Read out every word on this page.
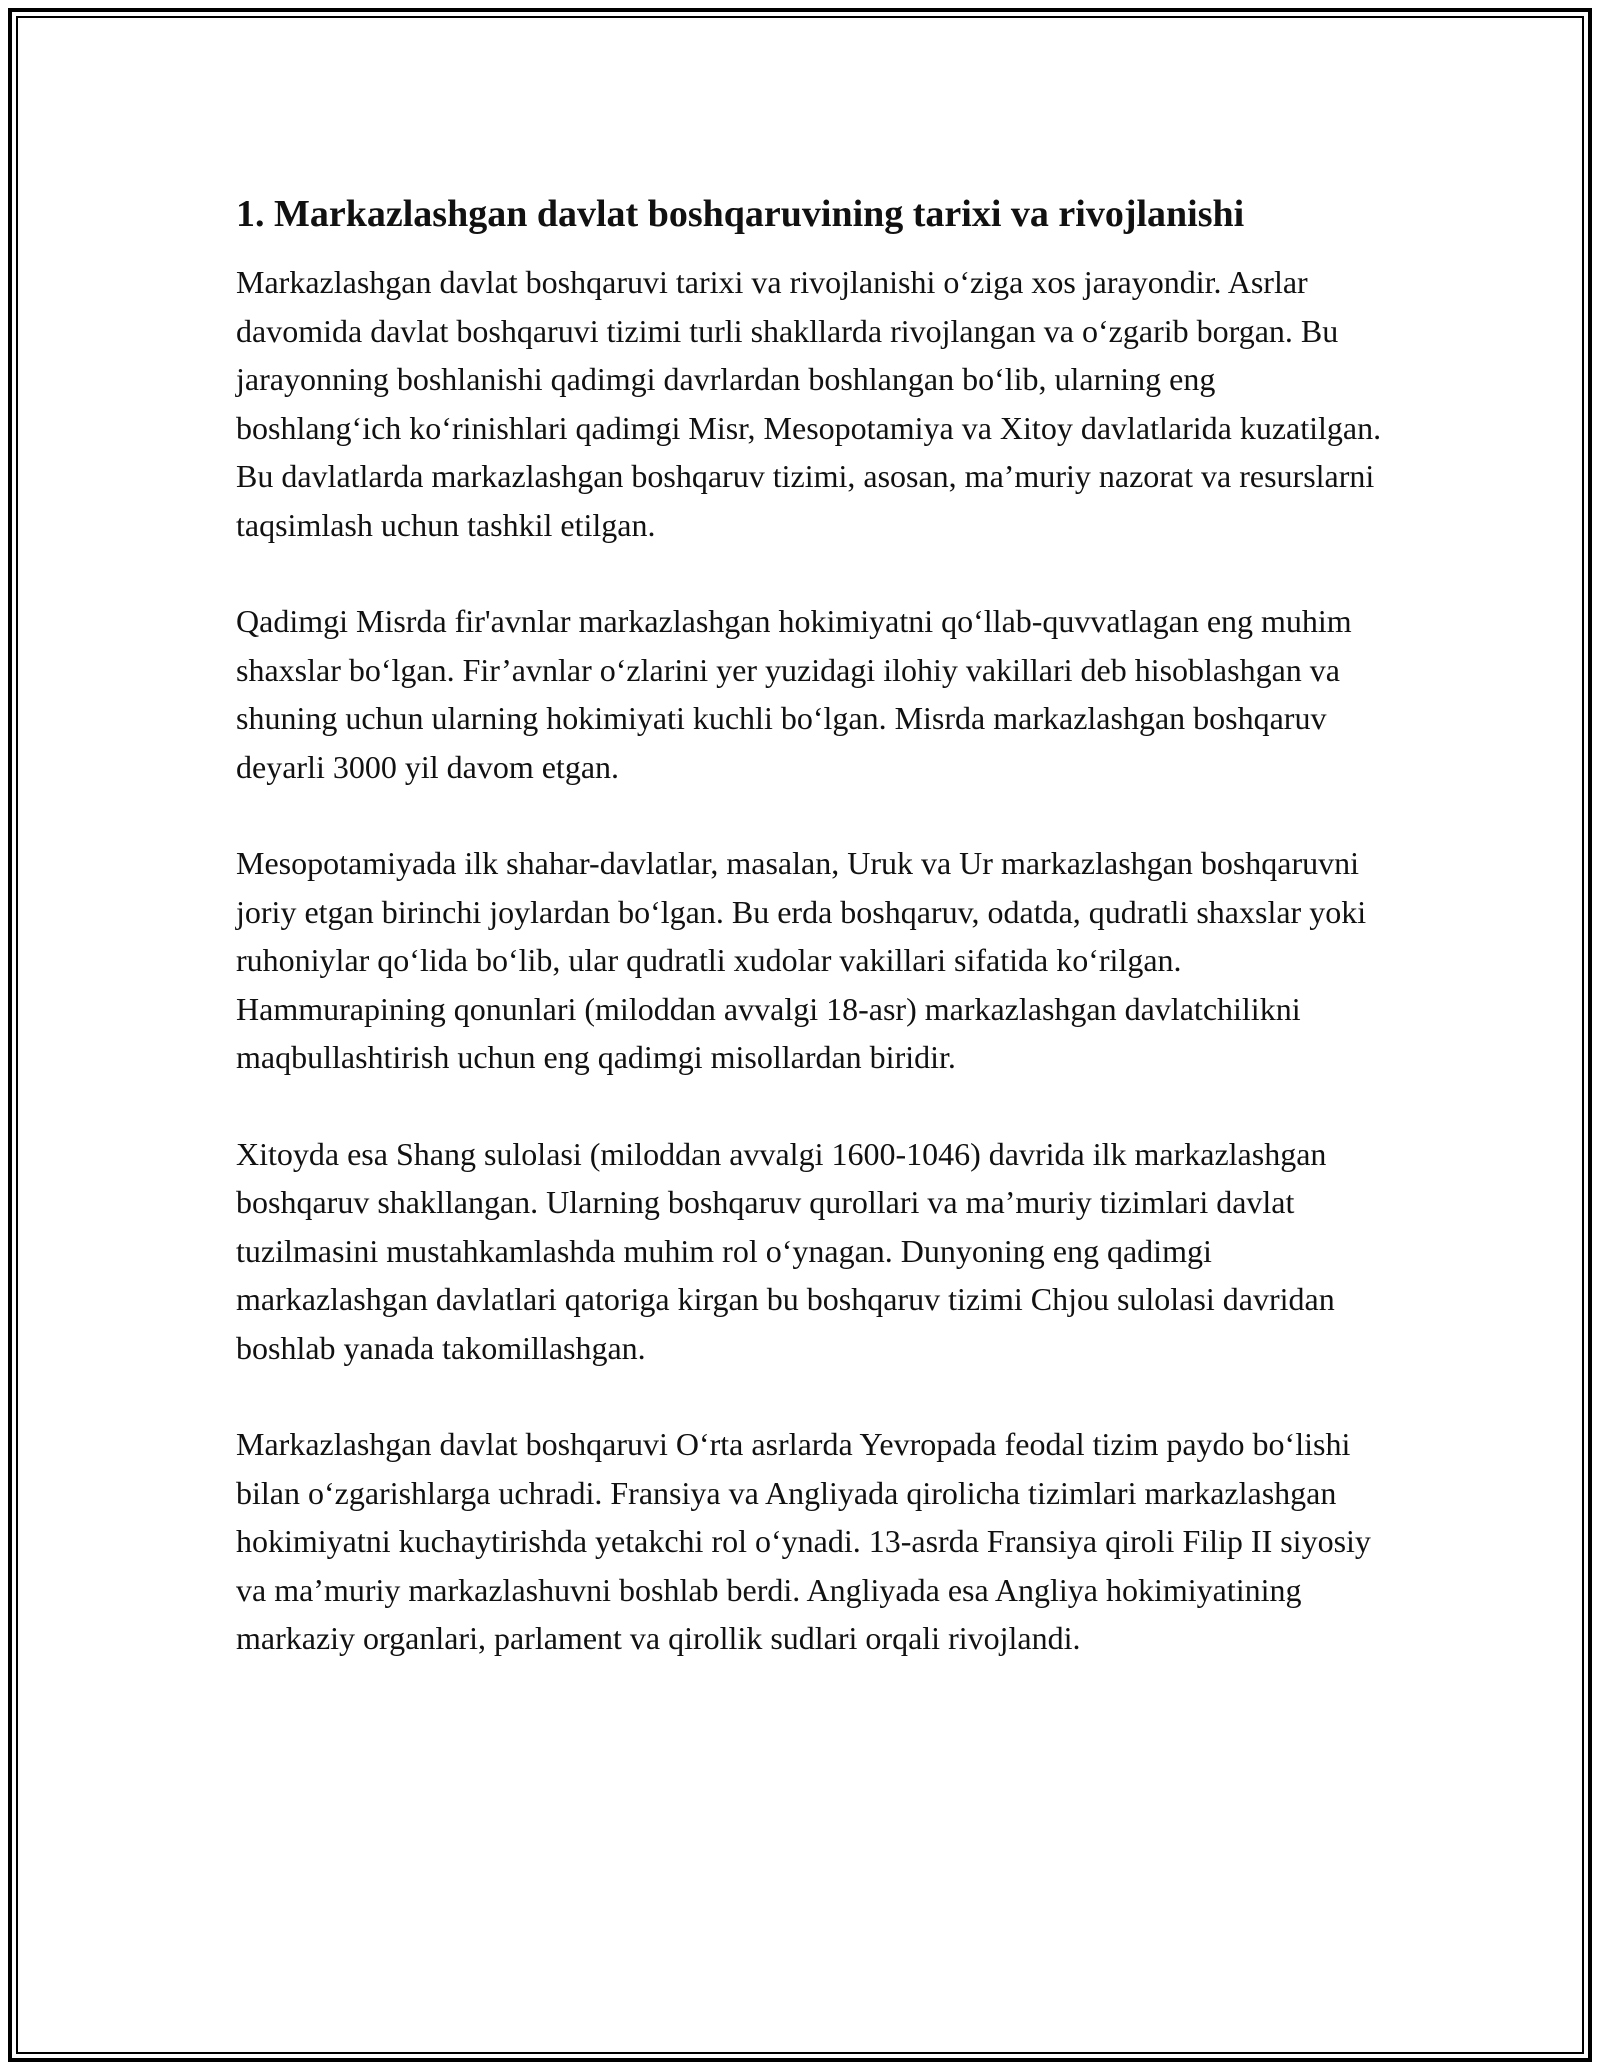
1. Markazlashgan davlat boshqaruvining tarixi va rivojlanishi

Markazlashgan davlat boshqaruvi tarixi va rivojlanishi o‘ziga xos jarayondir. Asrlar davomida davlat boshqaruvi tizimi turli shakllarda rivojlangan va o‘zgarib borgan. Bu jarayonning boshlanishi qadimgi davrlardan boshlangan bo‘lib, ularning eng boshlang‘ich ko‘rinishlari qadimgi Misr, Mesopotamiya va Xitoy davlatlarida kuzatilgan. Bu davlatlarda markazlashgan boshqaruv tizimi, asosan, ma’muriy nazorat va resurslarni taqsimlash uchun tashkil etilgan.

Qadimgi Misrda fir'avnlar markazlashgan hokimiyatni qo‘llab-quvvatlagan eng muhim shaxslar bo‘lgan. Fir’avnlar o‘zlarini yer yuzidagi ilohiy vakillari deb hisoblashgan va shuning uchun ularning hokimiyati kuchli bo‘lgan. Misrda markazlashgan boshqaruv deyarli 3000 yil davom etgan.

Mesopotamiyada ilk shahar-davlatlar, masalan, Uruk va Ur markazlashgan boshqaruvni joriy etgan birinchi joylardan bo‘lgan. Bu erda boshqaruv, odatda, qudratli shaxslar yoki ruhoniylar qo‘lida bo‘lib, ular qudratli xudolar vakillari sifatida ko‘rilgan. Hammurapining qonunlari (miloddan avvalgi 18-asr) markazlashgan davlatchilikni maqbullashtirish uchun eng qadimgi misollardan biridir.

Xitoyda esa Shang sulolasi (miloddan avvalgi 1600-1046) davrida ilk markazlashgan boshqaruv shakllangan. Ularning boshqaruv qurollari va ma’muriy tizimlari davlat tuzilmasini mustahkamlashda muhim rol o‘ynagan. Dunyoning eng qadimgi markazlashgan davlatlari qatoriga kirgan bu boshqaruv tizimi Chjou sulolasi davridan boshlab yanada takomillashgan.

Markazlashgan davlat boshqaruvi O‘rta asrlarda Yevropada feodal tizim paydo bo‘lishi bilan o‘zgarishlarga uchradi. Fransiya va Angliyada qirolicha tizimlari markazlashgan hokimiyatni kuchaytirishda yetakchi rol o‘ynadi. 13-asrda Fransiya qiroli Filip II siyosiy va ma’muriy markazlashuvni boshlab berdi. Angliyada esa Angliya hokimiyatining markaziy organlari, parlament va qirollik sudlari orqali rivojlandi.
